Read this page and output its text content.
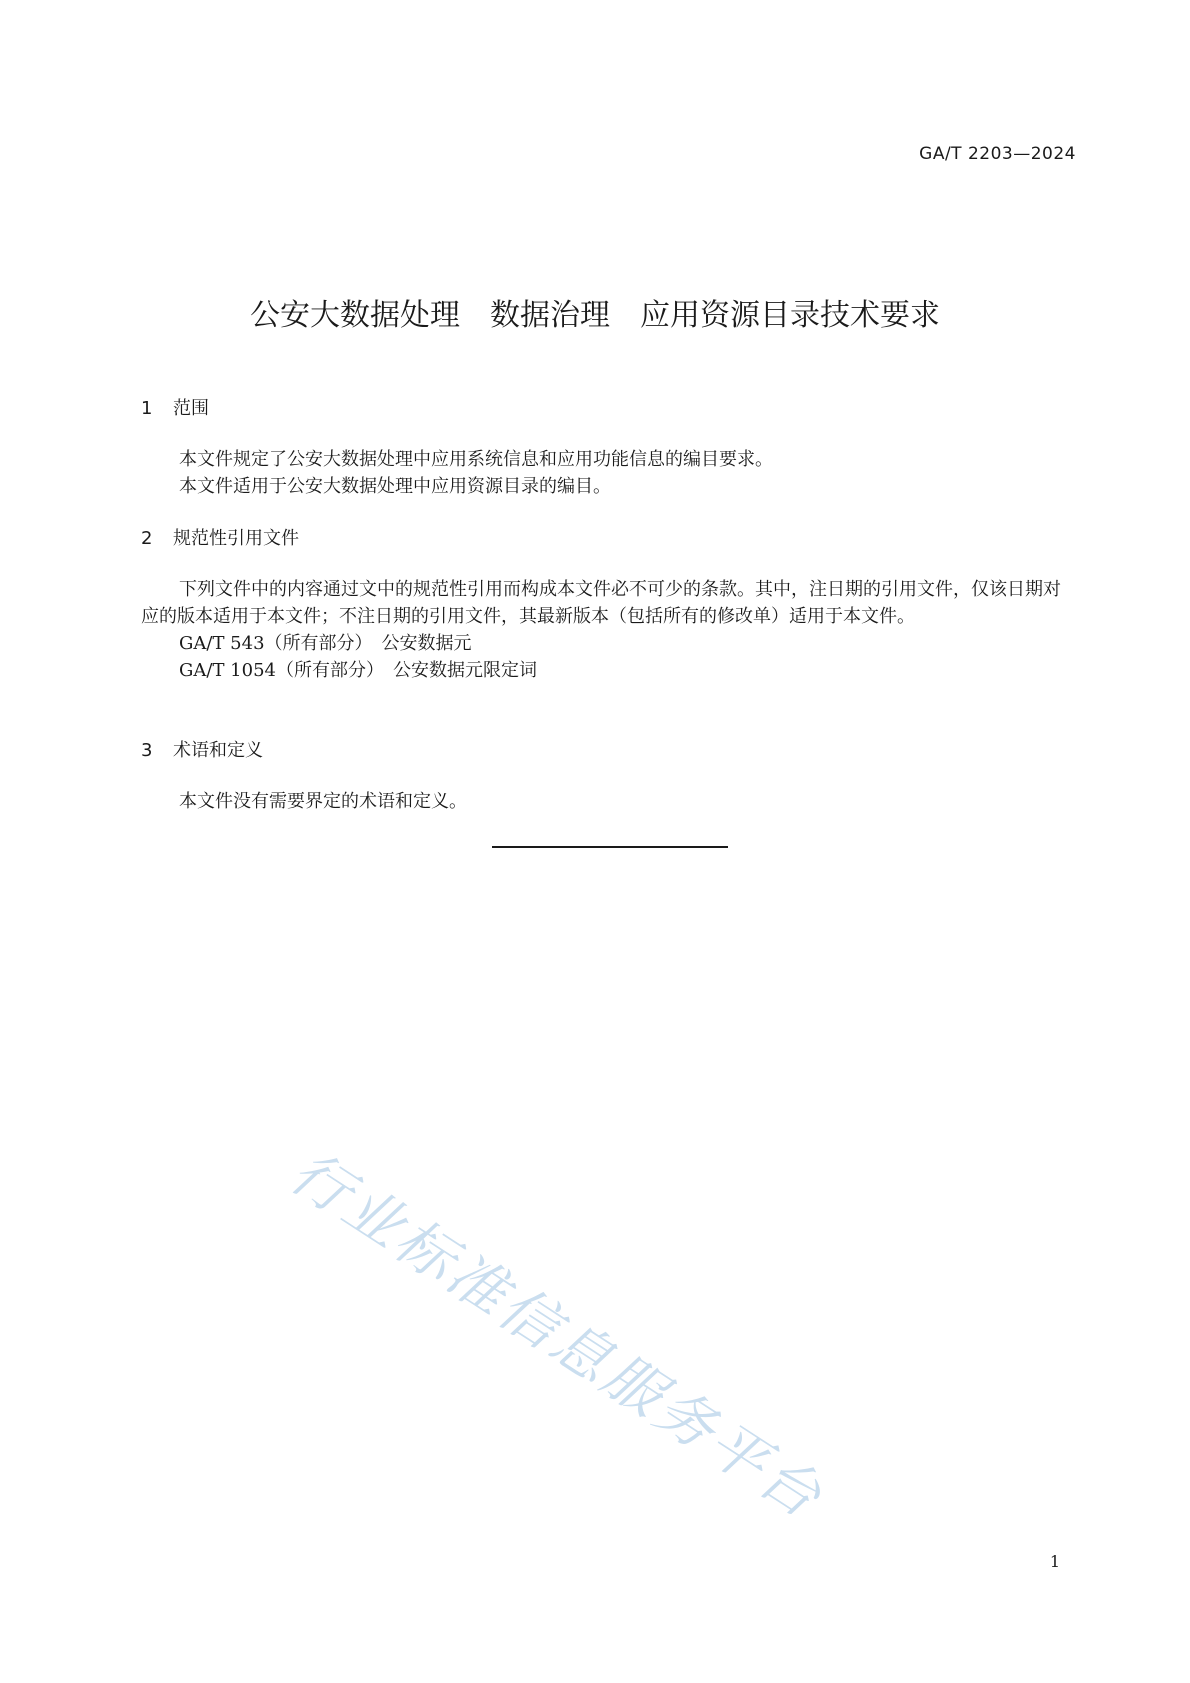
GA/T 2203—2024
公安大数据处理　数据治理　应用资源目录技术要求
1	范围

本文件规定了公安大数据处理中应用系统信息和应用功能信息的编目要求。

本文件适用于公安大数据处理中应用资源目录的编目。

2	规范性引用文件

下列文件中的内容通过文中的规范性引用而构成本文件必不可少的条款。其中，注日期的引用文件，仅该日期对应的版本适用于本文件；不注日期的引用文件，其最新版本（包括所有的修改单）适用于本文件。

GA/T 543（所有部分）　公安数据元
GA/T 1054（所有部分）　公安数据元限定词
3	术语和定义

本文件没有需要界定的术语和定义。

行业标准信息服务平台
1
